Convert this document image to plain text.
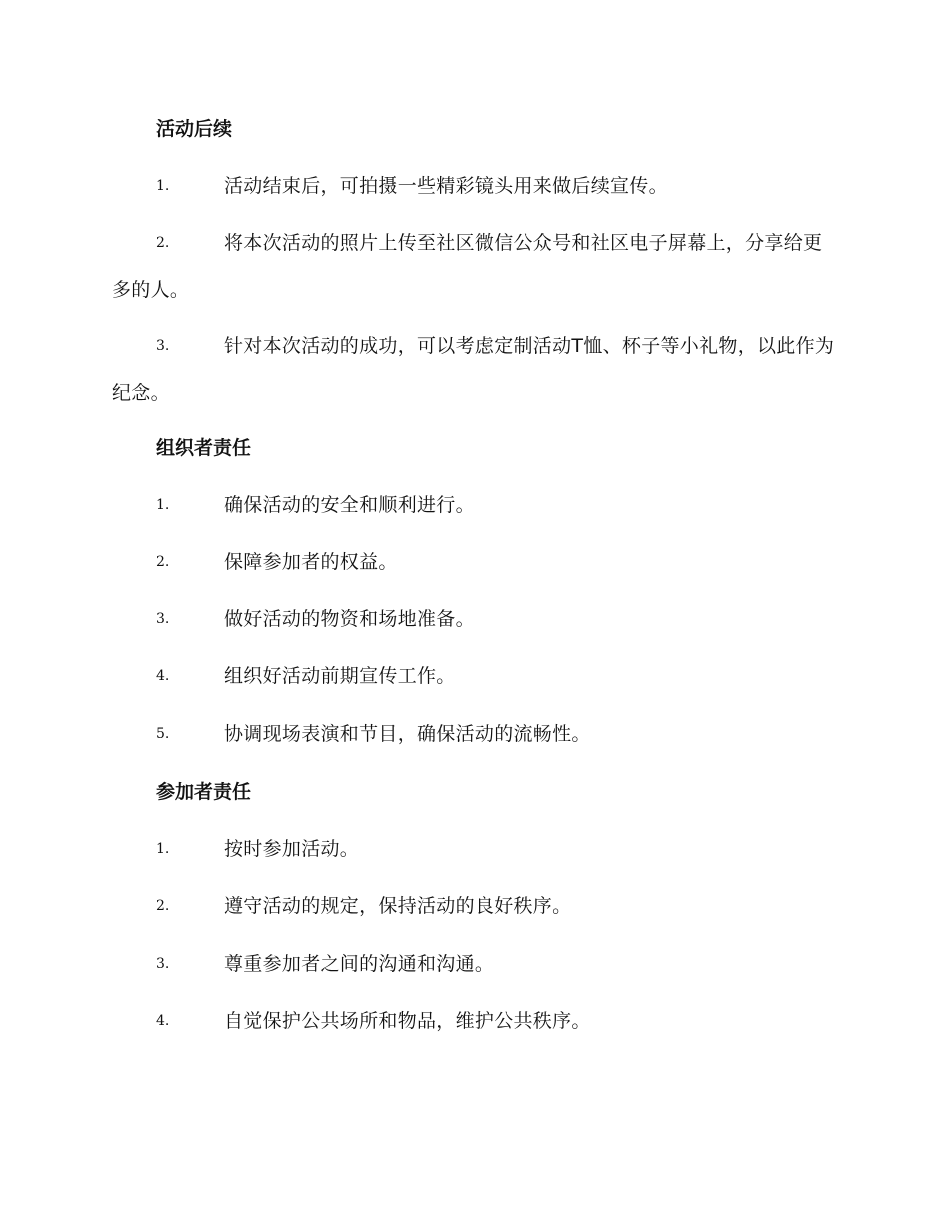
活动后续
1.	活动结束后，可拍摄一些精彩镜头用来做后续宣传。
2.	将本次活动的照片上传至社区微信公众号和社区电子屏幕上，分享给更多的人。
3.	针对本次活动的成功，可以考虑定制活动T恤、杯子等小礼物，以此作为纪念。
组织者责任
1.	确保活动的安全和顺利进行。
2.	保障参加者的权益。
3.	做好活动的物资和场地准备。
4.	组织好活动前期宣传工作。
5.	协调现场表演和节目，确保活动的流畅性。
参加者责任
1.	按时参加活动。
2.	遵守活动的规定，保持活动的良好秩序。
3.	尊重参加者之间的沟通和沟通。
4.	自觉保护公共场所和物品，维护公共秩序。
